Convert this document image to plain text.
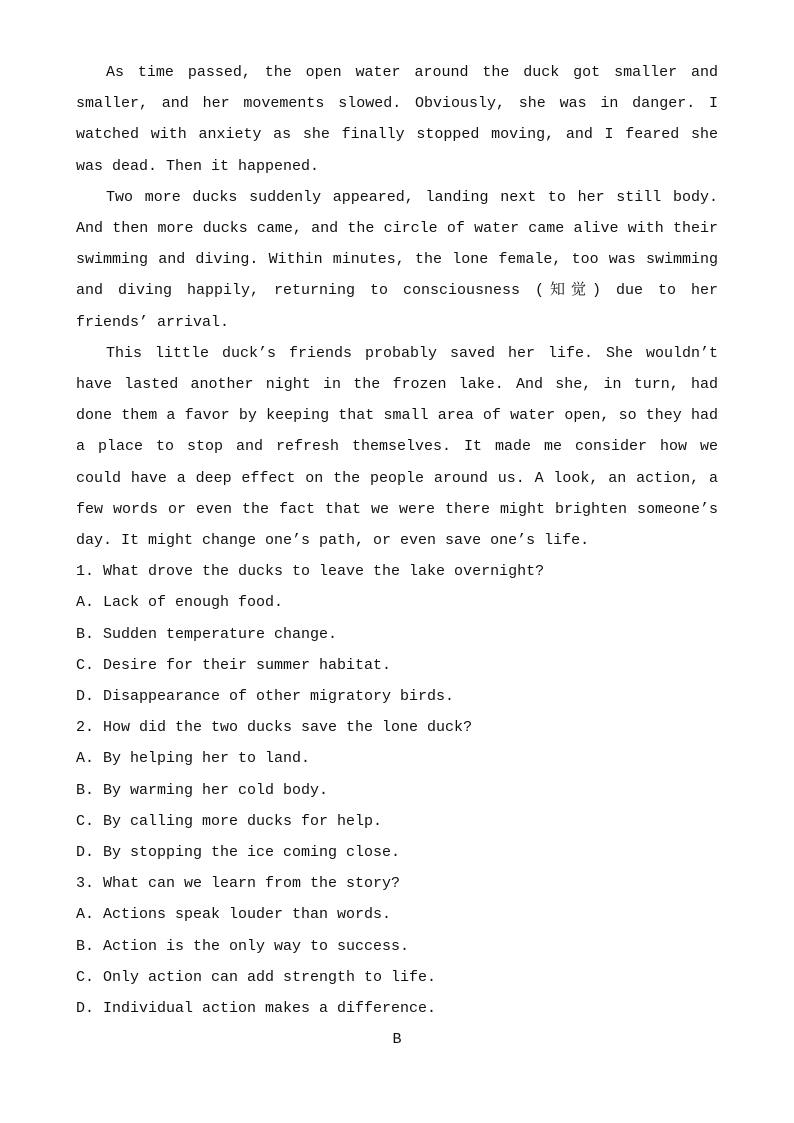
As time passed, the open water around the duck got smaller and smaller, and her movements slowed. Obviously, she was in danger. I watched with anxiety as she finally stopped moving, and I feared she was dead. Then it happened.

Two more ducks suddenly appeared, landing next to her still body. And then more ducks came, and the circle of water came alive with their swimming and diving. Within minutes, the lone female, too was swimming and diving happily, returning to consciousness (知觉) due to her friends’ arrival.

This little duck’s friends probably saved her life. She wouldn’t have lasted another night in the frozen lake. And she, in turn, had done them a favor by keeping that small area of water open, so they had a place to stop and refresh themselves. It made me consider how we could have a deep effect on the people around us. A look, an action, a few words or even the fact that we were there might brighten someone’s day. It might change one’s path, or even save one’s life.

1. What drove the ducks to leave the lake overnight?

A. Lack of enough food.

B. Sudden temperature change.

C. Desire for their summer habitat.

D. Disappearance of other migratory birds.

2. How did the two ducks save the lone duck?

A. By helping her to land.

B. By warming her cold body.

C. By calling more ducks for help.

D. By stopping the ice coming close.

3. What can we learn from the story?

A. Actions speak louder than words.

B. Action is the only way to success.

C. Only action can add strength to life.

D. Individual action makes a difference.

B
